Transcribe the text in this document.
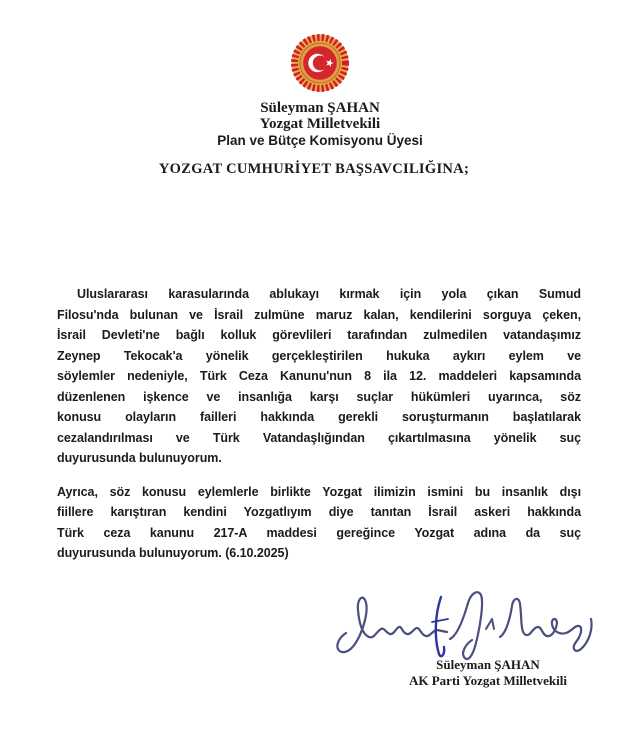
Süleyman ŞAHAN
Yozgat Milletvekili
Plan ve Bütçe Komisyonu Üyesi
YOZGAT CUMHURİYET BAŞSAVCILIĞINA;
Uluslararası karasularında ablukayı kırmak için yola çıkan Sumud
Filosu'nda bulunan ve İsrail zulmüne maruz kalan, kendilerini sorguya çeken,
İsrail Devleti'ne bağlı kolluk görevlileri tarafından zulmedilen vatandaşımız
Zeynep Tekocak'a yönelik gerçekleştirilen hukuka aykırı eylem ve
söylemler nedeniyle, Türk Ceza Kanunu'nun 8 ila 12. maddeleri kapsamında
düzenlenen işkence ve insanlığa karşı suçlar hükümleri uyarınca, söz
konusu olayların failleri hakkında gerekli soruşturmanın başlatılarak
cezalandırılması ve Türk Vatandaşlığından çıkartılmasına yönelik suç
duyurusunda bulunuyorum.
Ayrıca, söz konusu eylemlerle birlikte Yozgat ilimizin ismini bu insanlık dışı
fiillere karıştıran kendini Yozgatlıyım diye tanıtan İsrail askeri hakkında
Türk ceza kanunu 217-A maddesi gereğince Yozgat adına da suç
duyurusunda bulunuyorum. (6.10.2025)
Süleyman ŞAHAN
AK Parti Yozgat Milletvekili
